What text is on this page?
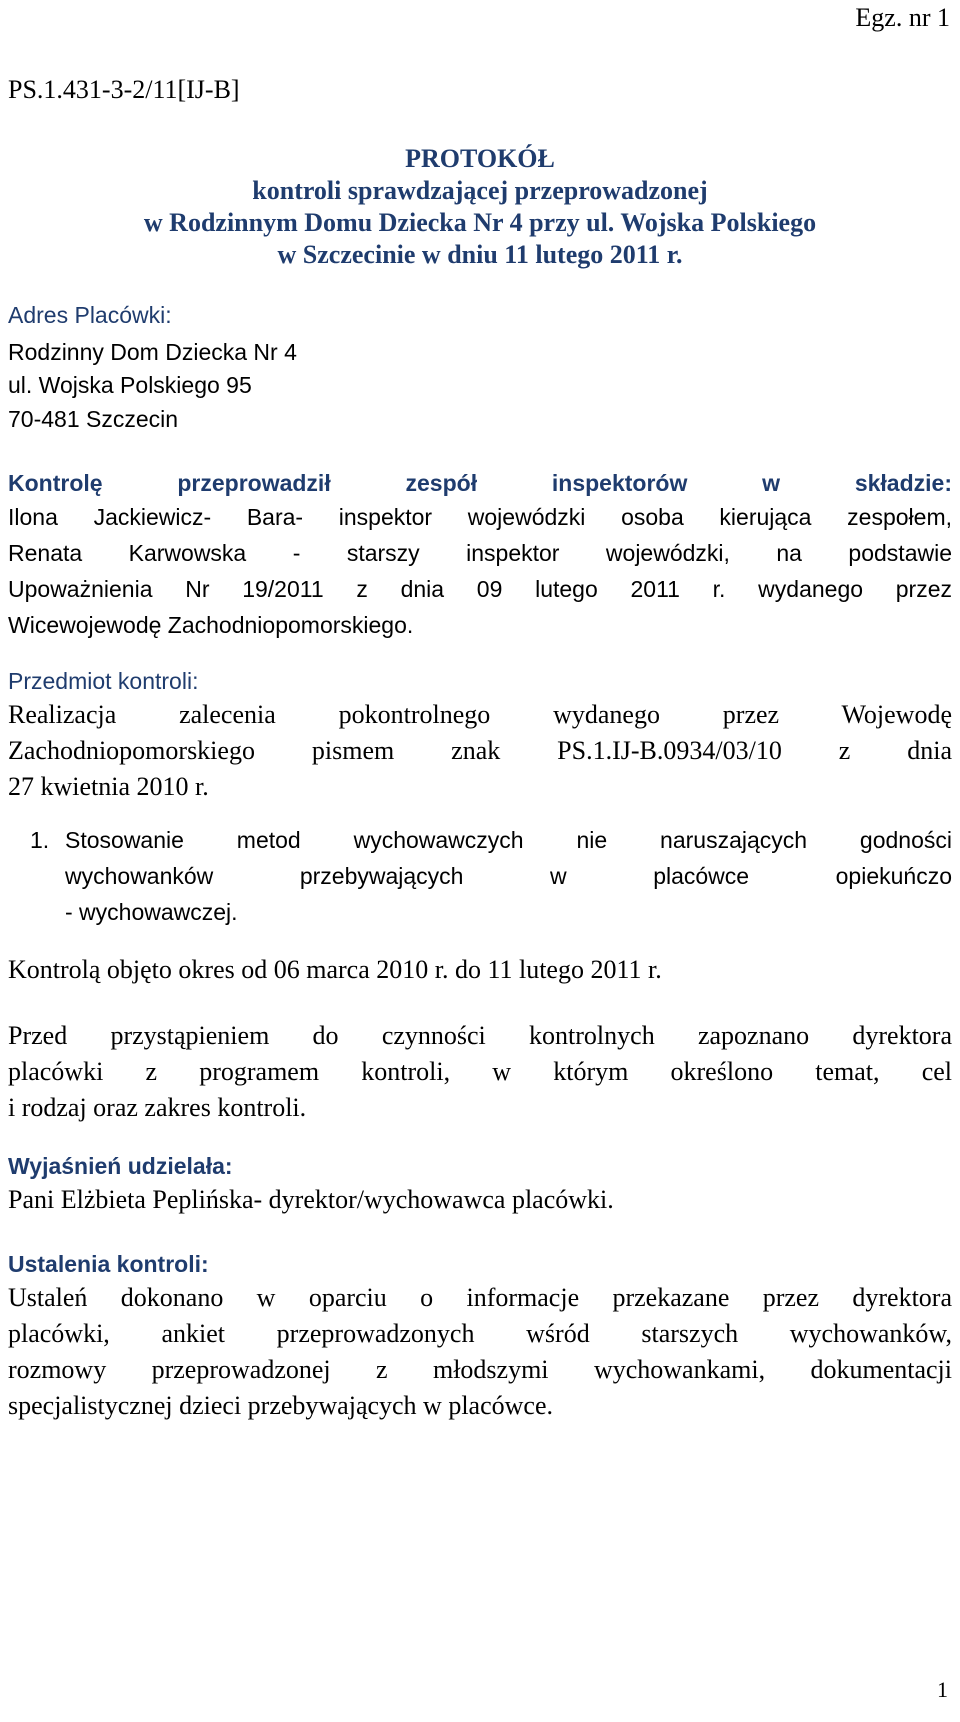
Egz. nr 1
PS.1.431-3-2/11[IJ-B]
PROTOKÓŁ
kontroli sprawdzającej przeprowadzonej
w Rodzinnym Domu Dziecka Nr 4 przy ul. Wojska Polskiego
w Szczecinie w dniu 11 lutego 2011 r.
Adres Placówki:
Rodzinny Dom Dziecka Nr 4
ul. Wojska Polskiego 95
70-481 Szczecin
Kontrolę przeprowadził zespół inspektorów w składzie:
Ilona Jackiewicz- Bara- inspektor wojewódzki osoba kierująca zespołem,
Renata Karwowska - starszy inspektor wojewódzki, na podstawie
Upoważnienia Nr 19/2011 z dnia 09 lutego 2011 r. wydanego przez
Wicewojewodę Zachodniopomorskiego.
Przedmiot kontroli:
Realizacja zalecenia pokontrolnego wydanego przez Wojewodę
Zachodniopomorskiego pismem znak PS.1.IJ-B.0934/03/10 z dnia
27 kwietnia 2010 r.
1. Stosowanie metod wychowawczych nie naruszających godności
wychowanków przebywających w placówce opiekuńczo
- wychowawczej.
Kontrolą objęto okres od 06 marca 2010 r. do 11 lutego 2011 r.
Przed przystąpieniem do czynności kontrolnych zapoznano dyrektora
placówki z programem kontroli, w którym określono temat, cel
i rodzaj oraz zakres kontroli.
Wyjaśnień udzielała:
Pani Elżbieta Peplińska- dyrektor/wychowawca placówki.
Ustalenia kontroli:
Ustaleń dokonano w oparciu o informacje przekazane przez dyrektora
placówki, ankiet przeprowadzonych wśród starszych wychowanków,
rozmowy przeprowadzonej z młodszymi wychowankami, dokumentacji
specjalistycznej dzieci przebywających w placówce.
1
